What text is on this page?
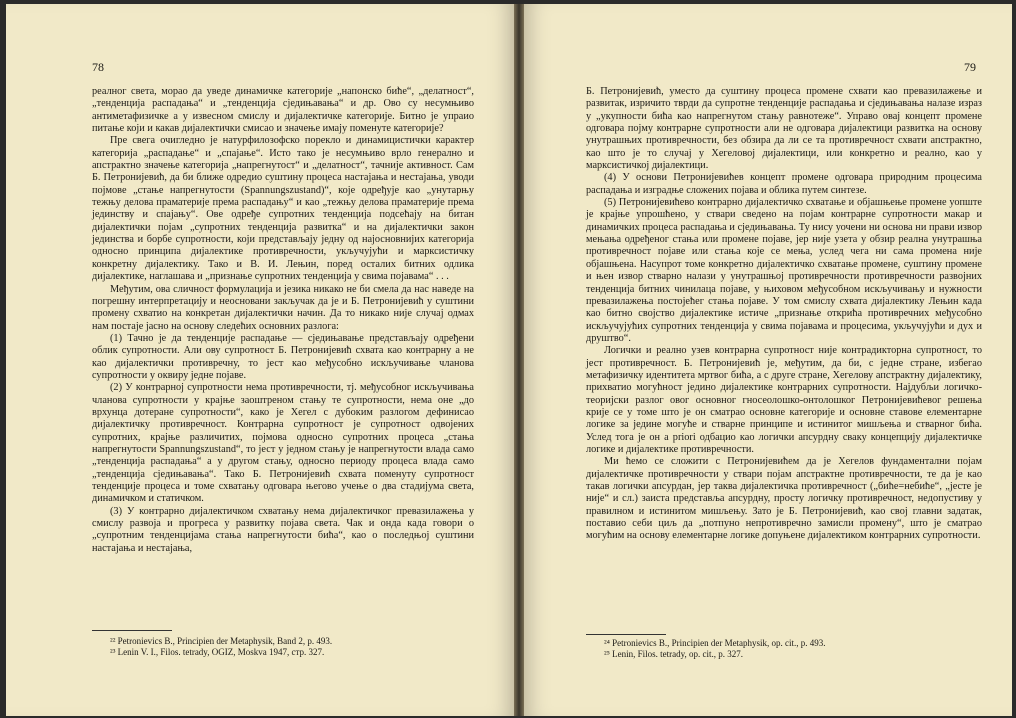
78

реалног света, морао да уведе динамичке категорије „напонско биће“, „делатност“, „тенденција распадања“ и „тенденција сједињавања“ и др. Ово су несумњиво антиметафизичке а у извесном смислу и дијалектичке категорије. Битно је упраио питање који и какав дијалектички смисао и значење имају поменуте категорије?

Пре свега очигледно је натурфилозофско порекло и динамицистички карактер категорија „распадање“ и „спајање“. Исто тако је несумњиво врло генерално и апстрактно значење категорија „напрегнутост“ и „делатност“, тачније активност. Сам Б. Петронијевић, да би ближе одредио суштину процеса настајања и нестајања, уводи појмове „стање напрегнутости (Spannungszustand)“, које одређује као „унутарњу тежњу делова праматерије према распадању“ и као „тежњу делова праматерије према јединству и спајању“. Ове одређе супротних тенденција подсећају на битан дијалектички појам „супротних тенденција развитка“ и на дијалектички закон јединства и борбе супротности, који представљају једну од најосновнијих категорија односно принципа дијалектике противречности, укључујући и марксистичку конкретну дијалектику. Тако и В. И. Лењин, поред осталих битних одлика дијалектике, наглашава и „признање супротних тенденција у свима појавама“ . . .

Међутим, ова сличност формулација и језика никако не би смела да нас наведе на погрешну интерпретацију и неосновани закључак да је и Б. Петронијевић у суштини промену схватио на конкретан дијалектички начин. Да то никако није случај одмах нам постаје јасно на основу следећих основних разлога:

(1) Тачно је да тенденције распадање — сједињавање представљају одређени облик супротности. Али ову супротност Б. Петронијевић схвата као контрарну а не као дијалектички противречну, то јест као међусобно искључивање чланова супротности у оквиру једне појаве.

(2) У контрарној супротности нема противречности, тј. међусобног искључивања чланова супротности у крајње заоштреном стању те супротности, нема оне „до врхунца дотеране супротности“, како је Хегел с дубоким разлогом дефинисао дијалектичку противречност. Контрарна супротност је супротност одвојених супротних, крајње различитих, појмова односно супротних процеса „стања напрегнутости Spannungszustand“, то јест у једном стању је напрегнутости влада само „тенденција распадања“ а у другом стању, односно периоду процеса влада само „тенденција сједињавања“. Тако Б. Петронијевић схвата поменуту супротност тенденције процеса и томе схватању одговара његово учење о два стадијума света, динамичком и статичком.

(3) У контрарно дијалектичком схватању нема дијалектичког превазилажења у смислу развоја и прогреса у развитку појава света. Чак и онда када говори о „супротним тенденцијама стања напрегнутости бића“, као о последњој суштини настајања и нестајања,

²² Petronievics B., Principien der Metaphysik, Band 2, p. 493.
²³ Lenin V. I., Filos. tetrady, OGIZ, Moskva 1947, стр. 327.
79

Б. Петронијевић, уместо да суштину процеса промене схвати као превазилажење и развитак, изричито тврди да супротне тенденције распадања и сједињавања налазе израз у „укупности бића као напрегнутом стању равнотеже“. Управо овај концепт промене одговара појму контрарне супротности али не одговара дијалектици развитка на основу унутрашњих противречности, без обзира да ли се та противречност схвати апстрактно, као што је то случај у Хегеловој дијалектици, или конкретно и реално, као у марксистичкој дијалектици.

(4) У основи Петронијевићев концепт промене одговара природним процесима распадања и изградње сложених појава и облика путем синтезе.

(5) Петронијевићево контрарно дијалектичко схватање и објашњење промене уопште је крајње упрошћено, у ствари сведено на појам контрарне супротности макар и динамичких процеса распадања и сједињавања. Ту нису уочени ни основа ни прави извор мењања одређеног стања или промене појаве, јер није узета у обзир реална унутрашња противречност појаве или стања које се мења, услед чега ни сама промена није објашњена. Насупрот томе конкретно дијалектичко схватање промене, суштину промене и њен извор стварно налази у унутрашњој противречности противречности развојних тенденција битних чинилаца појаве, у њиховом међусобном искључивању и нужности превазилажења постојећег стања појаве. У том смислу схвата дијалектику Лењин када као битно својство дијалектике истиче „признање открића противречних међусобно искључујућих супротних тенденција у свима појавама и процесима, укључујући и дух и друштво“.

Логички и реално узев контрарна супротност није контрадикторна супротност, то јест противречност. Б. Петронијевић је, међутим, да би, с једне стране, избегао метафизичку идентитета мртвог бића, а с друге стране, Хегелову апстрактну дијалектику, прихватио могућност једино дијалектике контрарних супротности. Најдубљи логичко-теоријски разлог овог основног гносеолошко-онтолошког Петронијевићевог решења крије се у томе што је он сматрао основне категорије и основне ставове елементарне логике за једине могуће и стварне принципе и истинитог мишљења и стварног бића. Услед тога је он a priori одбацио као логички апсурдну сваку концепцију дијалектичке логике и дијалектике противречности.

Ми ћемо се сложити с Петронијевићем да је Хегелов фундаментални појам дијалектичке противречности у ствари појам апстрактне противречности, те да је као такав логички апсурдан, јер таква дијалектичка противречност („биће=небиће“, „јесте је није“ и сл.) заиста представља апсурдну, просту логичку противречност, недопустиву у правилном и истинитом мишљењу. Зато је Б. Петронијевић, као свој главни задатак, поставио себи циљ да „потпуно непротивречно замисли промену“, што је сматрао могућим на основу елементарне логике допуњене дијалектиком контрарних супротности.

²⁴ Petronievics B., Principien der Metaphysik, op. cit., p. 493.
²⁵ Lenin, Filos. tetrady, op. cit., p. 327.
